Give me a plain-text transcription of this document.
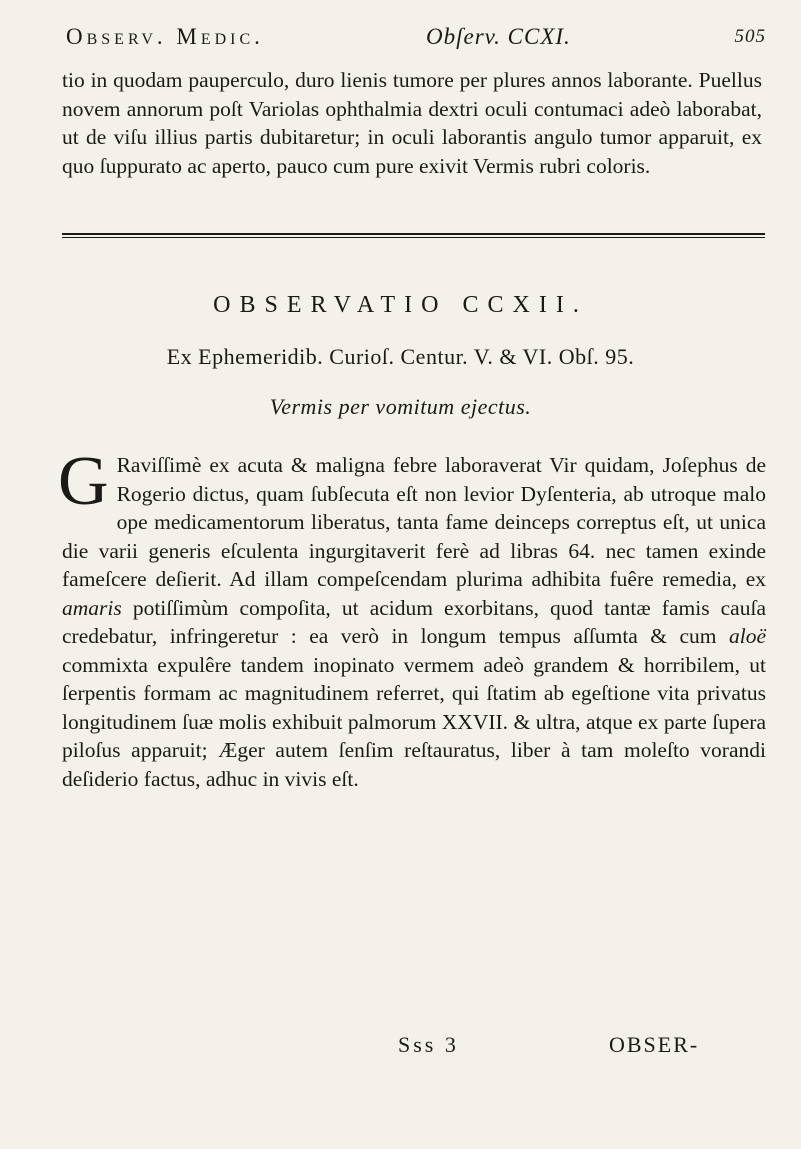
Observ. Medic.	Obſerv. CCXI.	505
tio in quodam pauperculo, duro lienis tumore per plures annos laborante. Puellus novem annorum poſt Variolas ophthalmia dextri oculi contumaci adeò laborabat, ut de viſu illius partis dubitaretur; in oculi laborantis angulo tumor apparuit, ex quo ſuppurato ac aperto, pauco cum pure exivit Vermis rubri coloris.
OBSERVATIO CCXII.
Ex Ephemeridib. Curioſ. Centur. V. & VI. Obſ. 95.
Vermis per vomitum ejectus.
G Raviſſimè ex acuta & maligna febre laboraverat Vir quidam, Joſephus de Rogerio dictus, quam ſubſecuta eſt non levior Dyſenteria, ab utroque malo ope medicamentorum liberatus, tanta fame deinceps correptus eſt, ut unica die varii generis eſculenta ingurgitaverit ferè ad libras 64. nec tamen exinde fameſcere deſierit. Ad illam compeſcendam plurima adhibita fuêre remedia, ex amaris potiſſimùm compoſita, ut acidum exorbitans, quod tantæ famis cauſa credebatur, infringeretur : ea verò in longum tempus aſſumta & cum aloë commixta expulêre tandem inopinato vermem adeò grandem & horribilem, ut ſerpentis formam ac magnitudinem referret, qui ſtatim ab egeſtione vita privatus longitudinem ſuæ molis exhibuit palmorum XXVII. & ultra, atque ex parte ſupera piloſus apparuit; Æger autem ſenſim reſtauratus, liber à tam moleſto vorandi deſiderio factus, adhuc in vivis eſt.
Sss 3	OBSER-
